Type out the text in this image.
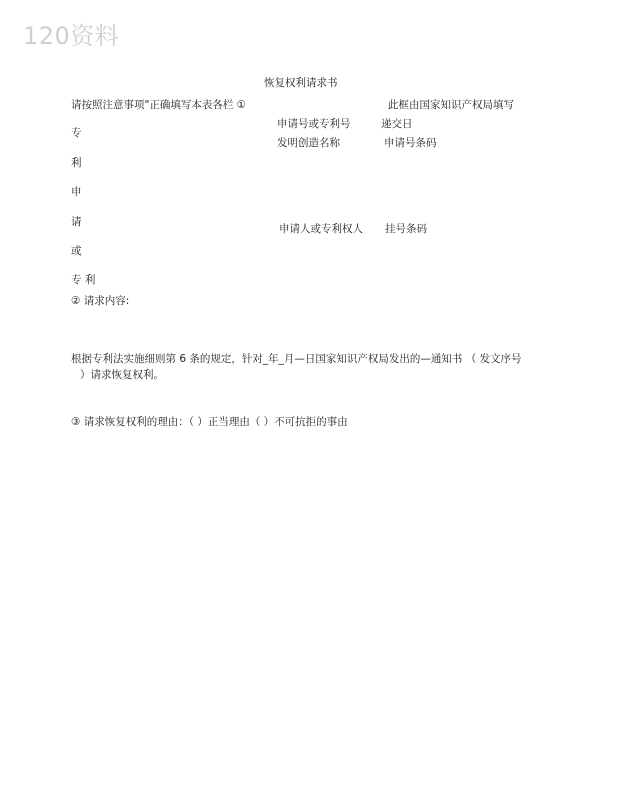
120资料
恢复权利请求书
请按照注意事项"正确填写本表各栏 ①	此框由国家知识产权局填写
申请号或专利号	递交日
发明创造名称	申请号条码
专
利
申
请
或
专 利
申请人或专利权人 挂号条码
② 请求内容:
根据专利法实施细则第 6 条的规定，针对_年_月—日国家知识产权局发出的—通知书 （ 发文序号
）请求恢复权利。
③ 请求恢复权利的理由：（ ）正当理由（ ）不可抗拒的事由
